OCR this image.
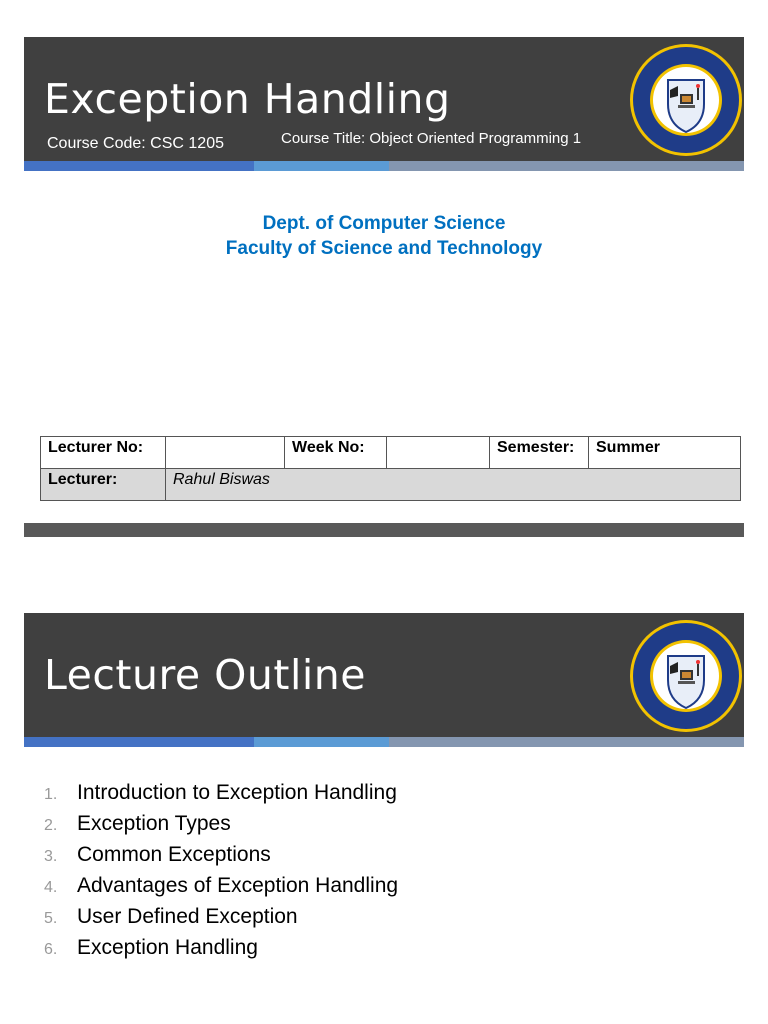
Exception Handling
Course Code: CSC 1205	Course Title: Object Oriented Programming 1
Dept. of Computer Science
Faculty of Science and Technology
Lecturer No:		Week No:		Semester:	Summer
Lecturer:	Rahul Biswas				
Lecture Outline
1. Introduction to Exception Handling
2. Exception Types
3. Common Exceptions
4. Advantages of Exception Handling
5. User Defined Exception
6. Exception Handling
